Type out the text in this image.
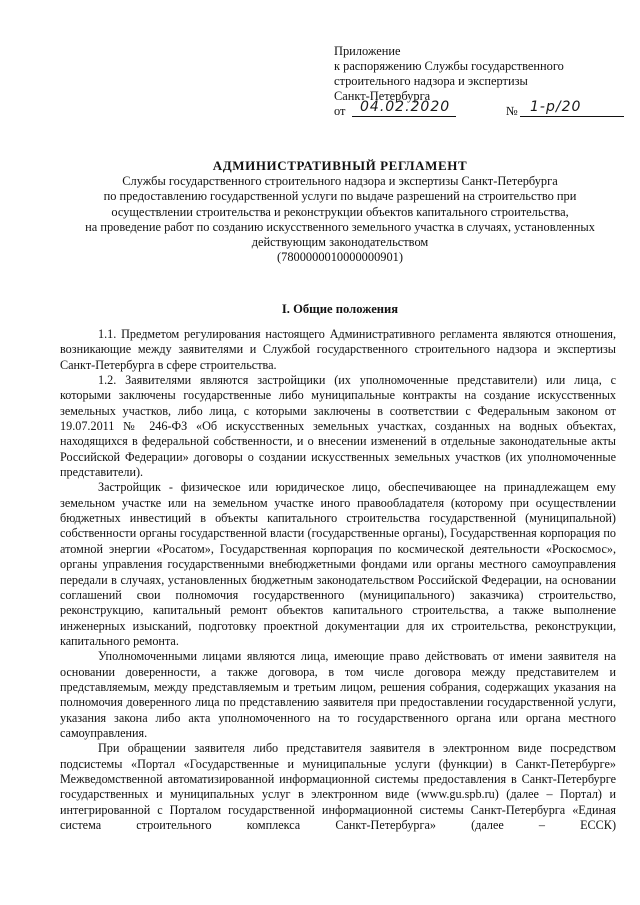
Приложение
к распоряжению Службы государственного
строительного надзора и экспертизы
Санкт-Петербурга
от 04.02.2020	№ 1-р/20
АДМИНИСТРАТИВНЫЙ РЕГЛАМЕНТ
Службы государственного строительного надзора и экспертизы Санкт-Петербурга
по предоставлению государственной услуги по выдаче разрешений на строительство при
осуществлении строительства и реконструкции объектов капитального строительства,
на проведение работ по созданию искусственного земельного участка в случаях, установленных
действующим законодательством
(7800000010000000901)
I. Общие положения

1.1. Предметом регулирования настоящего Административного регламента являются отношения, возникающие между заявителями и Службой государственного строительного надзора и экспертизы Санкт-Петербурга в сфере строительства.

1.2. Заявителями являются застройщики (их уполномоченные представители) или лица, с которыми заключены государственные либо муниципальные контракты на создание искусственных земельных участков, либо лица, с которыми заключены в соответствии с Федеральным законом от 19.07.2011 № 246-ФЗ «Об искусственных земельных участках, созданных на водных объектах, находящихся в федеральной собственности, и о внесении изменений в отдельные законодательные акты Российской Федерации» договоры о создании искусственных земельных участков (их уполномоченные представители).

Застройщик - физическое или юридическое лицо, обеспечивающее на принадлежащем ему земельном участке или на земельном участке иного правообладателя (которому при осуществлении бюджетных инвестиций в объекты капитального строительства государственной (муниципальной) собственности органы государственной власти (государственные органы), Государственная корпорация по атомной энергии «Росатом», Государственная корпорация по космической деятельности «Роскосмос», органы управления государственными внебюджетными фондами или органы местного самоуправления передали в случаях, установленных бюджетным законодательством Российской Федерации, на основании соглашений свои полномочия государственного (муниципального) заказчика) строительство, реконструкцию, капитальный ремонт объектов капитального строительства, а также выполнение инженерных изысканий, подготовку проектной документации для их строительства, реконструкции, капитального ремонта.

Уполномоченными лицами являются лица, имеющие право действовать от имени заявителя на основании доверенности, а также договора, в том числе договора между представителем и представляемым, между представляемым и третьим лицом, решения собрания, содержащих указания на полномочия доверенного лица по представлению заявителя при предоставлении государственной услуги, указания закона либо акта уполномоченного на то государственного органа или органа местного самоуправления.

При обращении заявителя либо представителя заявителя в электронном виде посредством подсистемы «Портал «Государственные и муниципальные услуги (функции) в Санкт-Петербурге» Межведомственной автоматизированной информационной системы предоставления в Санкт-Петербурге государственных и муниципальных услуг в электронном виде (www.gu.spb.ru) (далее – Портал) и интегрированной с Порталом государственной информационной системы Санкт-Петербурга «Единая система строительного комплекса Санкт-Петербурга» (далее – ЕССК)
